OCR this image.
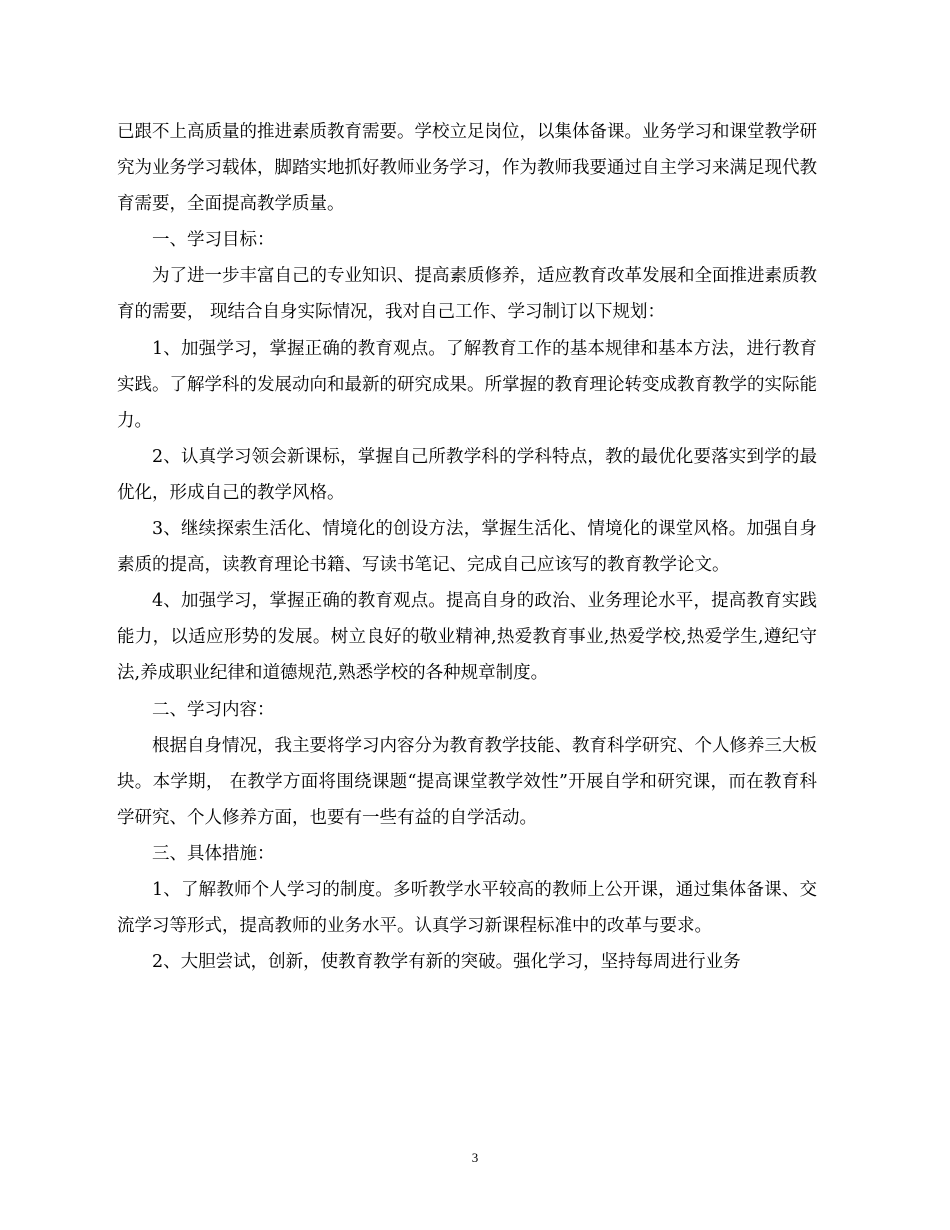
已跟不上高质量的推进素质教育需要。学校立足岗位，以集体备课。业务学习和课堂教学研究为业务学习载体，脚踏实地抓好教师业务学习，作为教师我要通过自主学习来满足现代教育需要，全面提高教学质量。

一、学习目标：

为了进一步丰富自己的专业知识、提高素质修养，适应教育改革发展和全面推进素质教育的需要， 现结合自身实际情况，我对自己工作、学习制订以下规划：

1、加强学习，掌握正确的教育观点。了解教育工作的基本规律和基本方法，进行教育实践。了解学科的发展动向和最新的研究成果。所掌握的教育理论转变成教育教学的实际能力。

2、认真学习领会新课标，掌握自己所教学科的学科特点，教的最优化要落实到学的最优化，形成自己的教学风格。

3、继续探索生活化、情境化的创设方法，掌握生活化、情境化的课堂风格。加强自身素质的提高，读教育理论书籍、写读书笔记、完成自己应该写的教育教学论文。

4、加强学习，掌握正确的教育观点。提高自身的政治、业务理论水平，提高教育实践能力，以适应形势的发展。树立良好的敬业精神,热爱教育事业,热爱学校,热爱学生,遵纪守法,养成职业纪律和道德规范,熟悉学校的各种规章制度。

二、学习内容：

根据自身情况，我主要将学习内容分为教育教学技能、教育科学研究、个人修养三大板块。本学期， 在教学方面将围绕课题“提高课堂教学效性”开展自学和研究课，而在教育科学研究、个人修养方面，也要有一些有益的自学活动。

三、具体措施：

1、了解教师个人学习的制度。多听教学水平较高的教师上公开课，通过集体备课、交流学习等形式，提高教师的业务水平。认真学习新课程标准中的改革与要求。

2、大胆尝试，创新，使教育教学有新的突破。强化学习，坚持每周进行业务

3
